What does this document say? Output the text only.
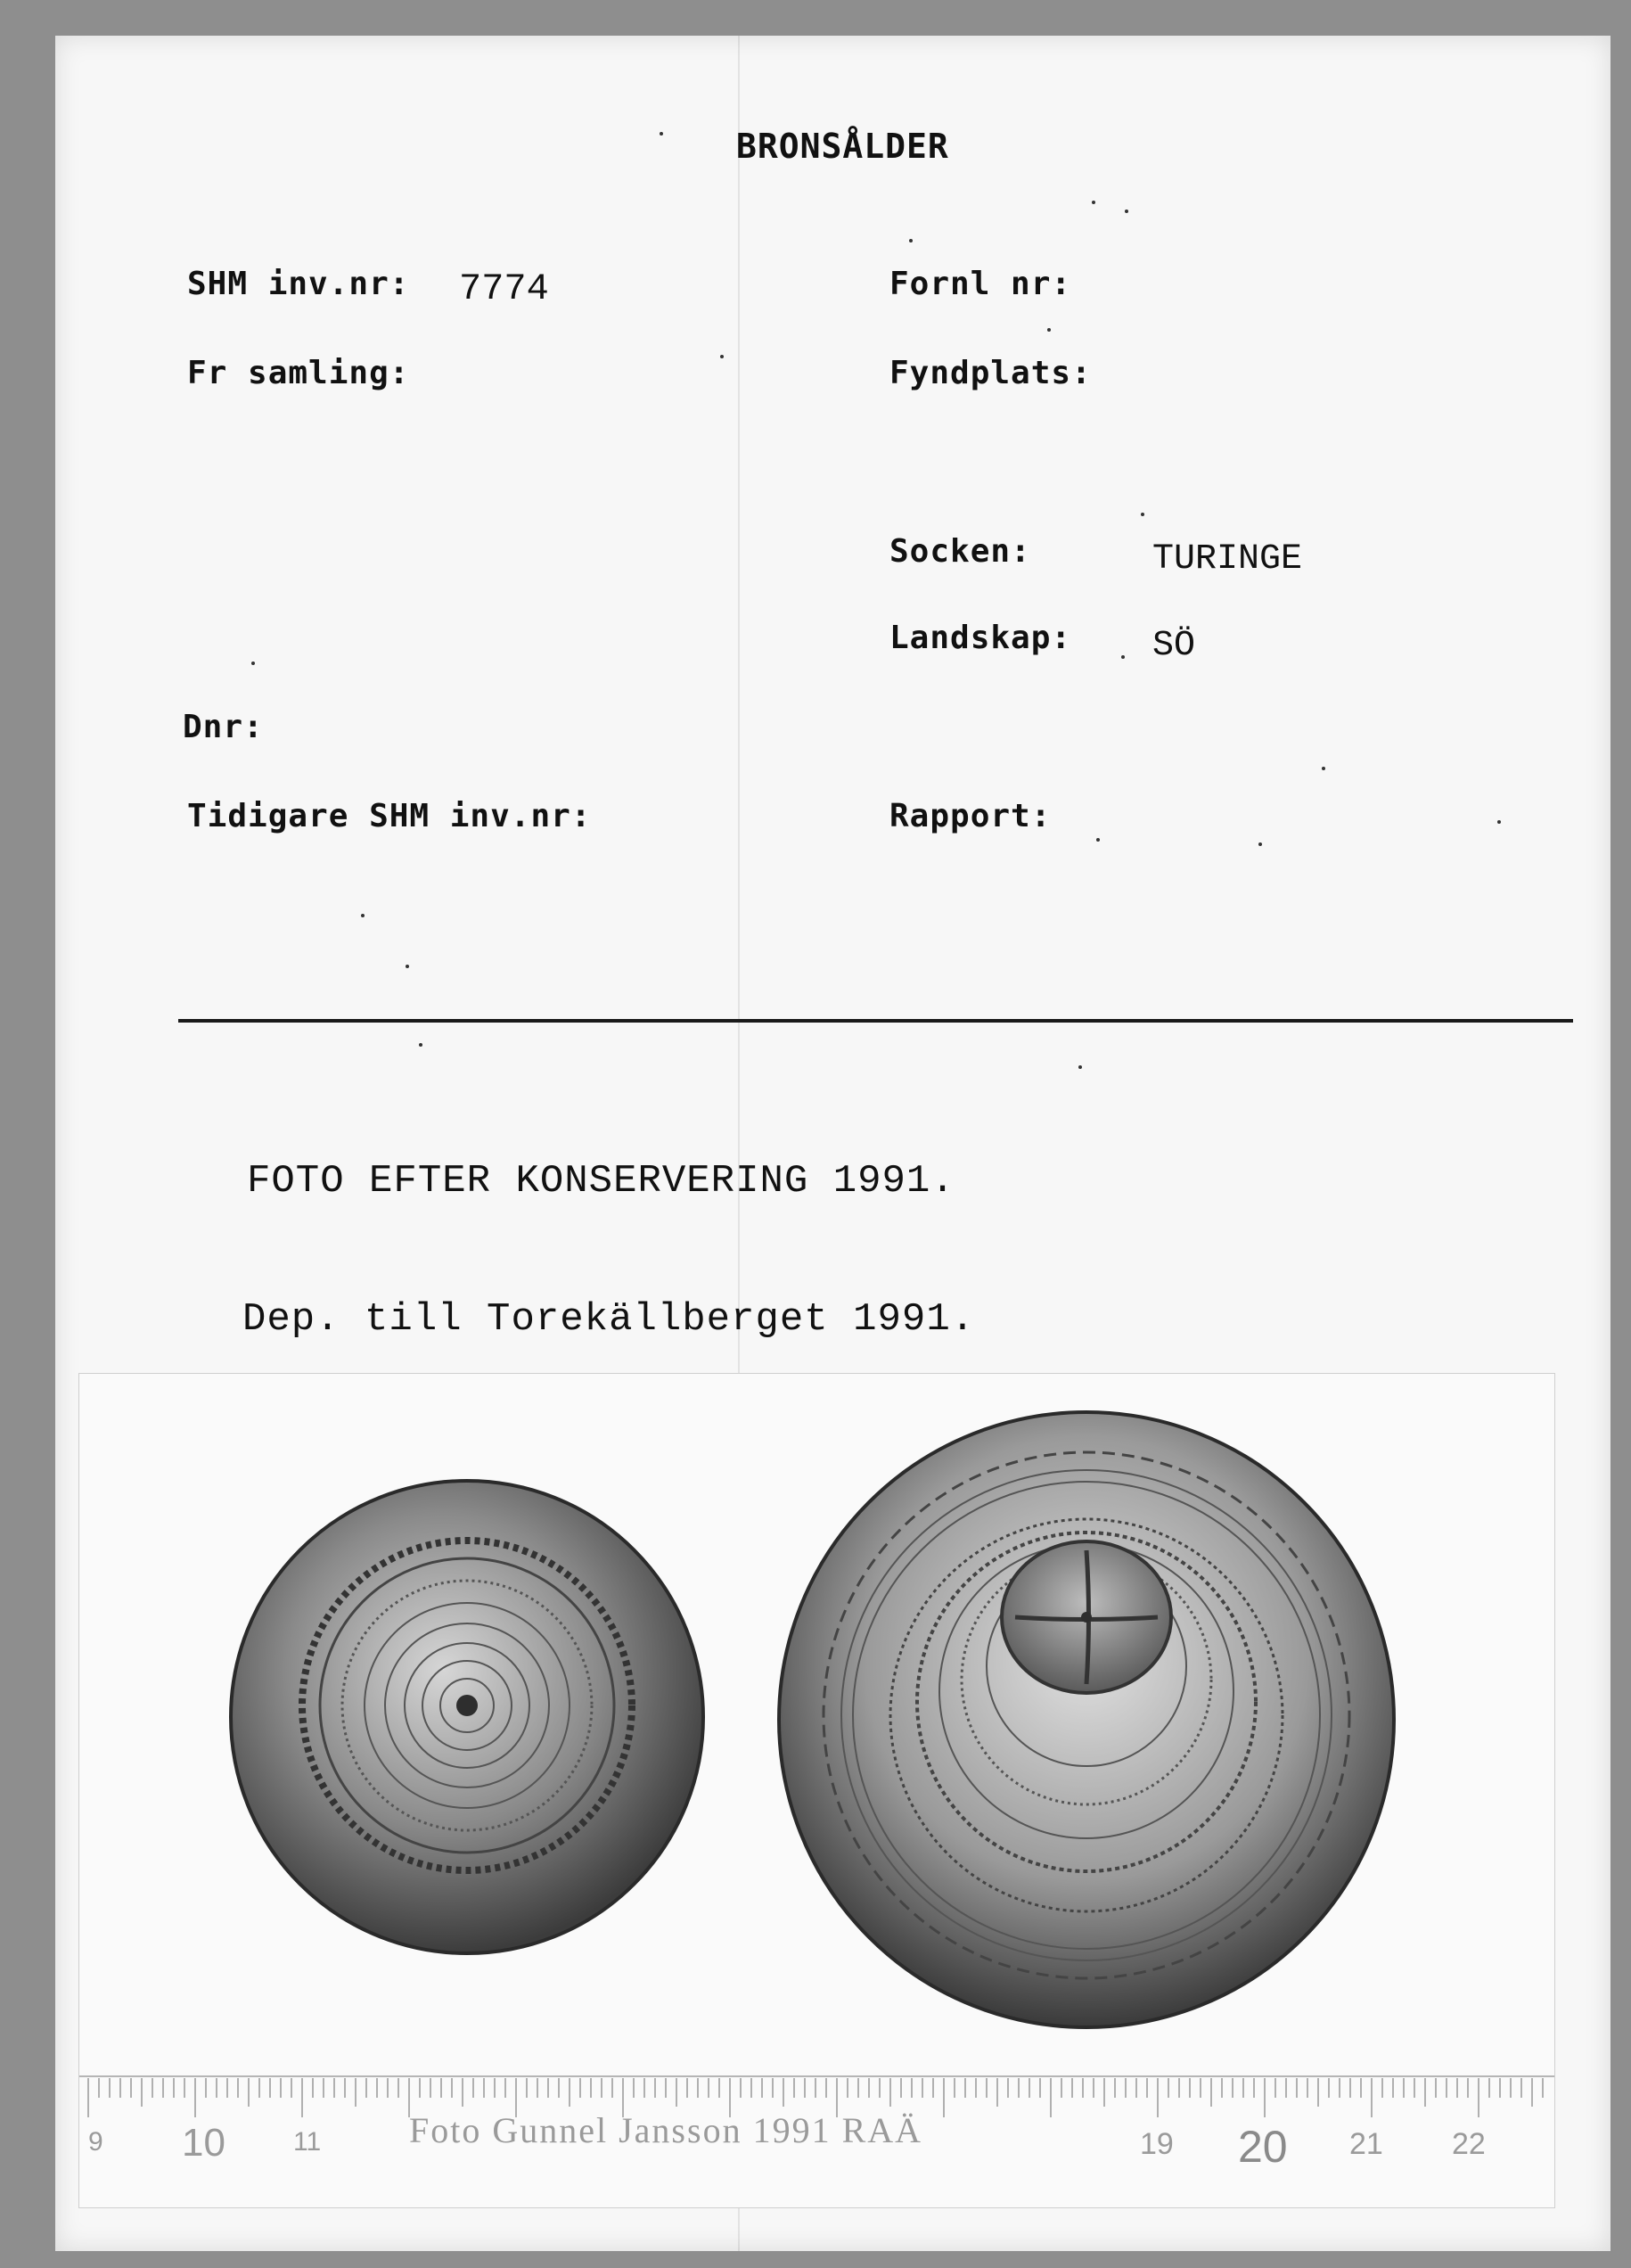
BRONSÅLDER
SHM inv.nr: 7774	Fornl nr:
Fr samling:	Fyndplats:
Socken:	TURINGE
Landskap: SÖ
Dnr:
Tidigare SHM inv.nr:	Rapport:
FOTO EFTER KONSERVERING 1991.
Dep. till Torekällberget 1991.
9 10	11	19 20 21 22
Foto Gunnel Jansson 1991 RAÄ
